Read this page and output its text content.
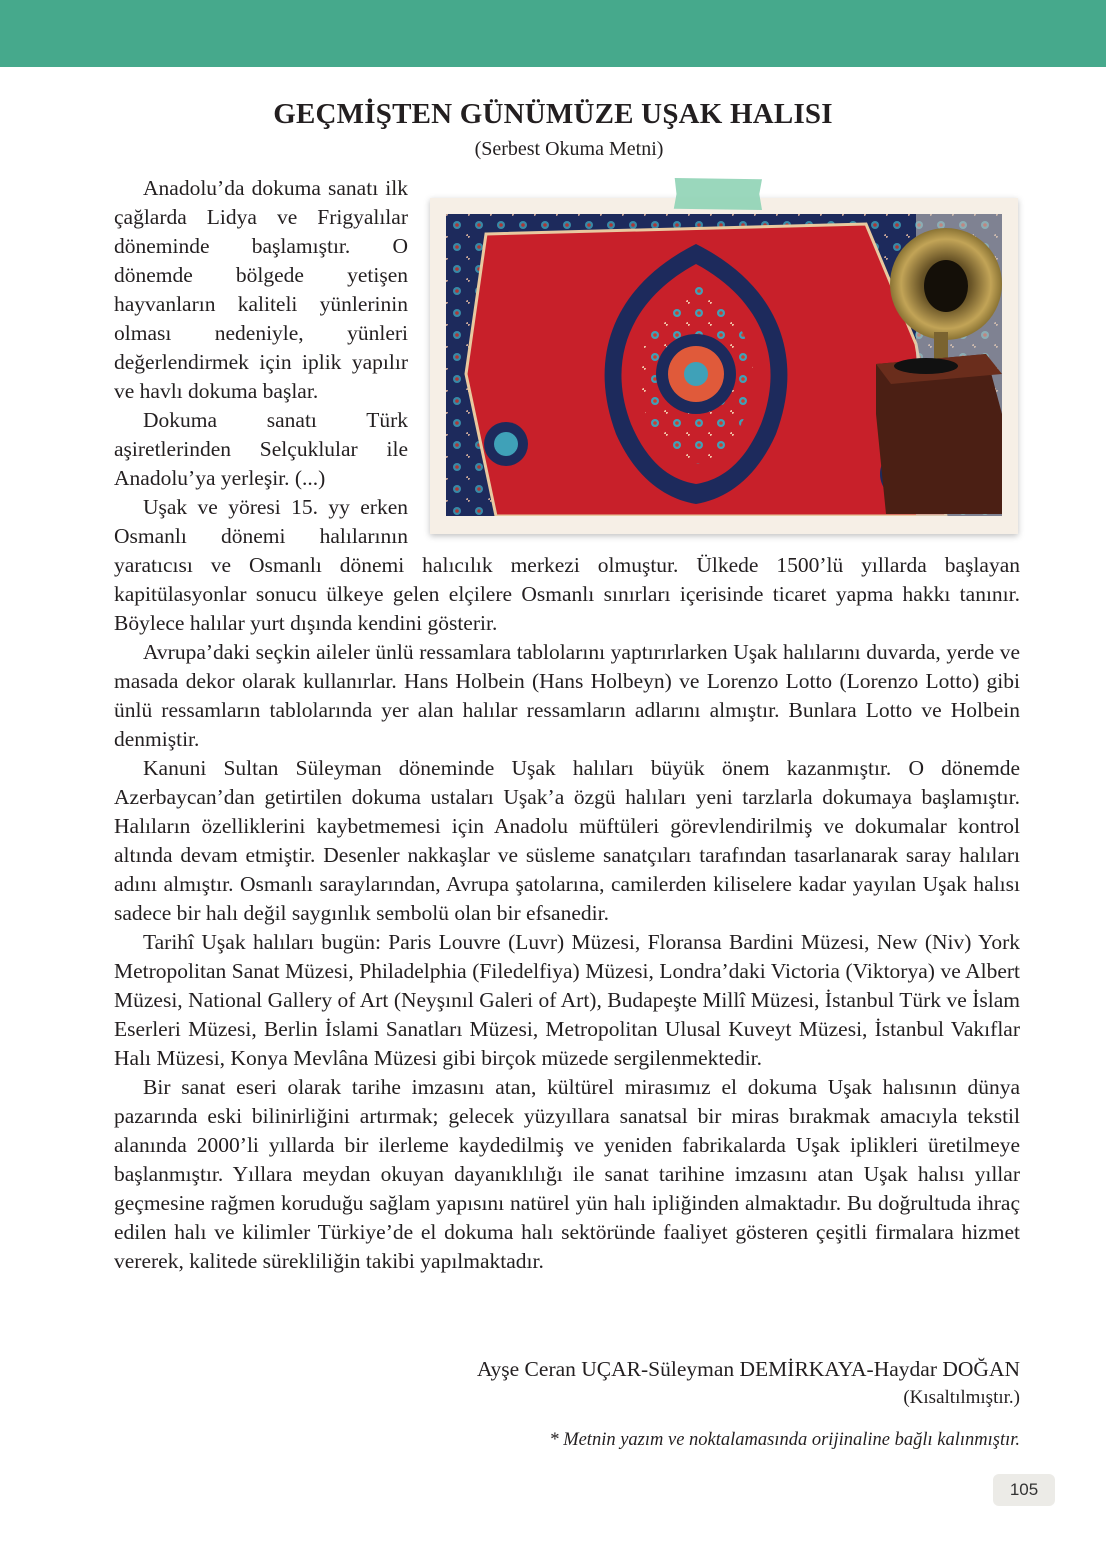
GEÇMİŞTEN GÜNÜMÜZE UŞAK HALISI
(Serbest Okuma Metni)

Anadolu’da dokuma sanatı ilk çağlarda Lidya ve Frigyalılar döneminde başlamıştır. O dönemde bölgede yetişen hayvanların kaliteli yünlerinin olması nedeniyle, yünleri değerlendirmek için iplik yapılır ve havlı dokuma başlar.

Dokuma sanatı Türk aşiretlerinden Selçuklular ile Anadolu’ya yerleşir. (...)

Uşak ve yöresi 15. yy erken Osmanlı dönemi halılarının yaratıcısı ve Osmanlı dönemi halıcılık merkezi olmuştur. Ülkede 1500’lü yıllarda başlayan kapitülasyonlar sonucu ülkeye gelen elçilere Osmanlı sınırları içerisinde ticaret yapma hakkı tanınır. Böylece halılar yurt dışında kendini gösterir.

Avrupa’daki seçkin aileler ünlü ressamlara tablolarını yaptırırlarken Uşak halılarını duvarda, yerde ve masada dekor olarak kullanırlar. Hans Holbein (Hans Holbeyn) ve Lorenzo Lotto (Lorenzo Lotto) gibi ünlü ressamların tablolarında yer alan halılar ressamların adlarını almıştır. Bunlara Lotto ve Holbein denmiştir.

Kanuni Sultan Süleyman döneminde Uşak halıları büyük önem kazanmıştır. O dönemde Azerbaycan’dan getirtilen dokuma ustaları Uşak’a özgü halıları yeni tarzlarla dokumaya başlamıştır. Halıların özelliklerini kaybetmemesi için Anadolu müftüleri görevlendirilmiş ve dokumalar kontrol altında devam etmiştir. Desenler nakkaşlar ve süsleme sanatçıları tarafından tasarlanarak saray halıları adını almıştır. Osmanlı saraylarından, Avrupa şatolarına, camilerden kiliselere kadar yayılan Uşak halısı sadece bir halı değil saygınlık sembolü olan bir efsanedir.

Tarihî Uşak halıları bugün: Paris Louvre (Luvr) Müzesi, Floransa Bardini Müzesi, New (Niv) York Metropolitan Sanat Müzesi, Philadelphia (Filedelfiya) Müzesi, Londra’daki Victoria (Viktorya) ve Albert Müzesi, National Gallery of Art (Neyşınıl Galeri of Art), Budapeşte Millî Müzesi, İstanbul Türk ve İslam Eserleri Müzesi, Berlin İslami Sanatları Müzesi, Metropolitan Ulusal Kuveyt Müzesi, İstanbul Vakıflar Halı Müzesi, Konya Mevlâna Müzesi gibi birçok müzede sergilenmektedir.

Bir sanat eseri olarak tarihe imzasını atan, kültürel mirasımız el dokuma Uşak halısının dünya pazarında eski bilinirliğini artırmak; gelecek yüzyıllara sanatsal bir miras bırakmak amacıyla tekstil alanında 2000’li yıllarda bir ilerleme kaydedilmiş ve yeniden fabrikalarda Uşak iplikleri üretilmeye başlanmıştır. Yıllara meydan okuyan dayanıklılığı ile sanat tarihine imzasını atan Uşak halısı yıllar geçmesine rağmen koruduğu sağlam yapısını natürel yün halı ipliğinden almaktadır. Bu doğrultuda ihraç edilen halı ve kilimler Türkiye’de el dokuma halı sektöründe faaliyet gösteren çeşitli firmalara hizmet vererek, kalitede sürekliliğin takibi yapılmaktadır.

Ayşe Ceran UÇAR-Süleyman DEMİRKAYA-Haydar DOĞAN
(Kısaltılmıştır.)
* Metnin yazım ve noktalamasında orijinaline bağlı kalınmıştır.
105
